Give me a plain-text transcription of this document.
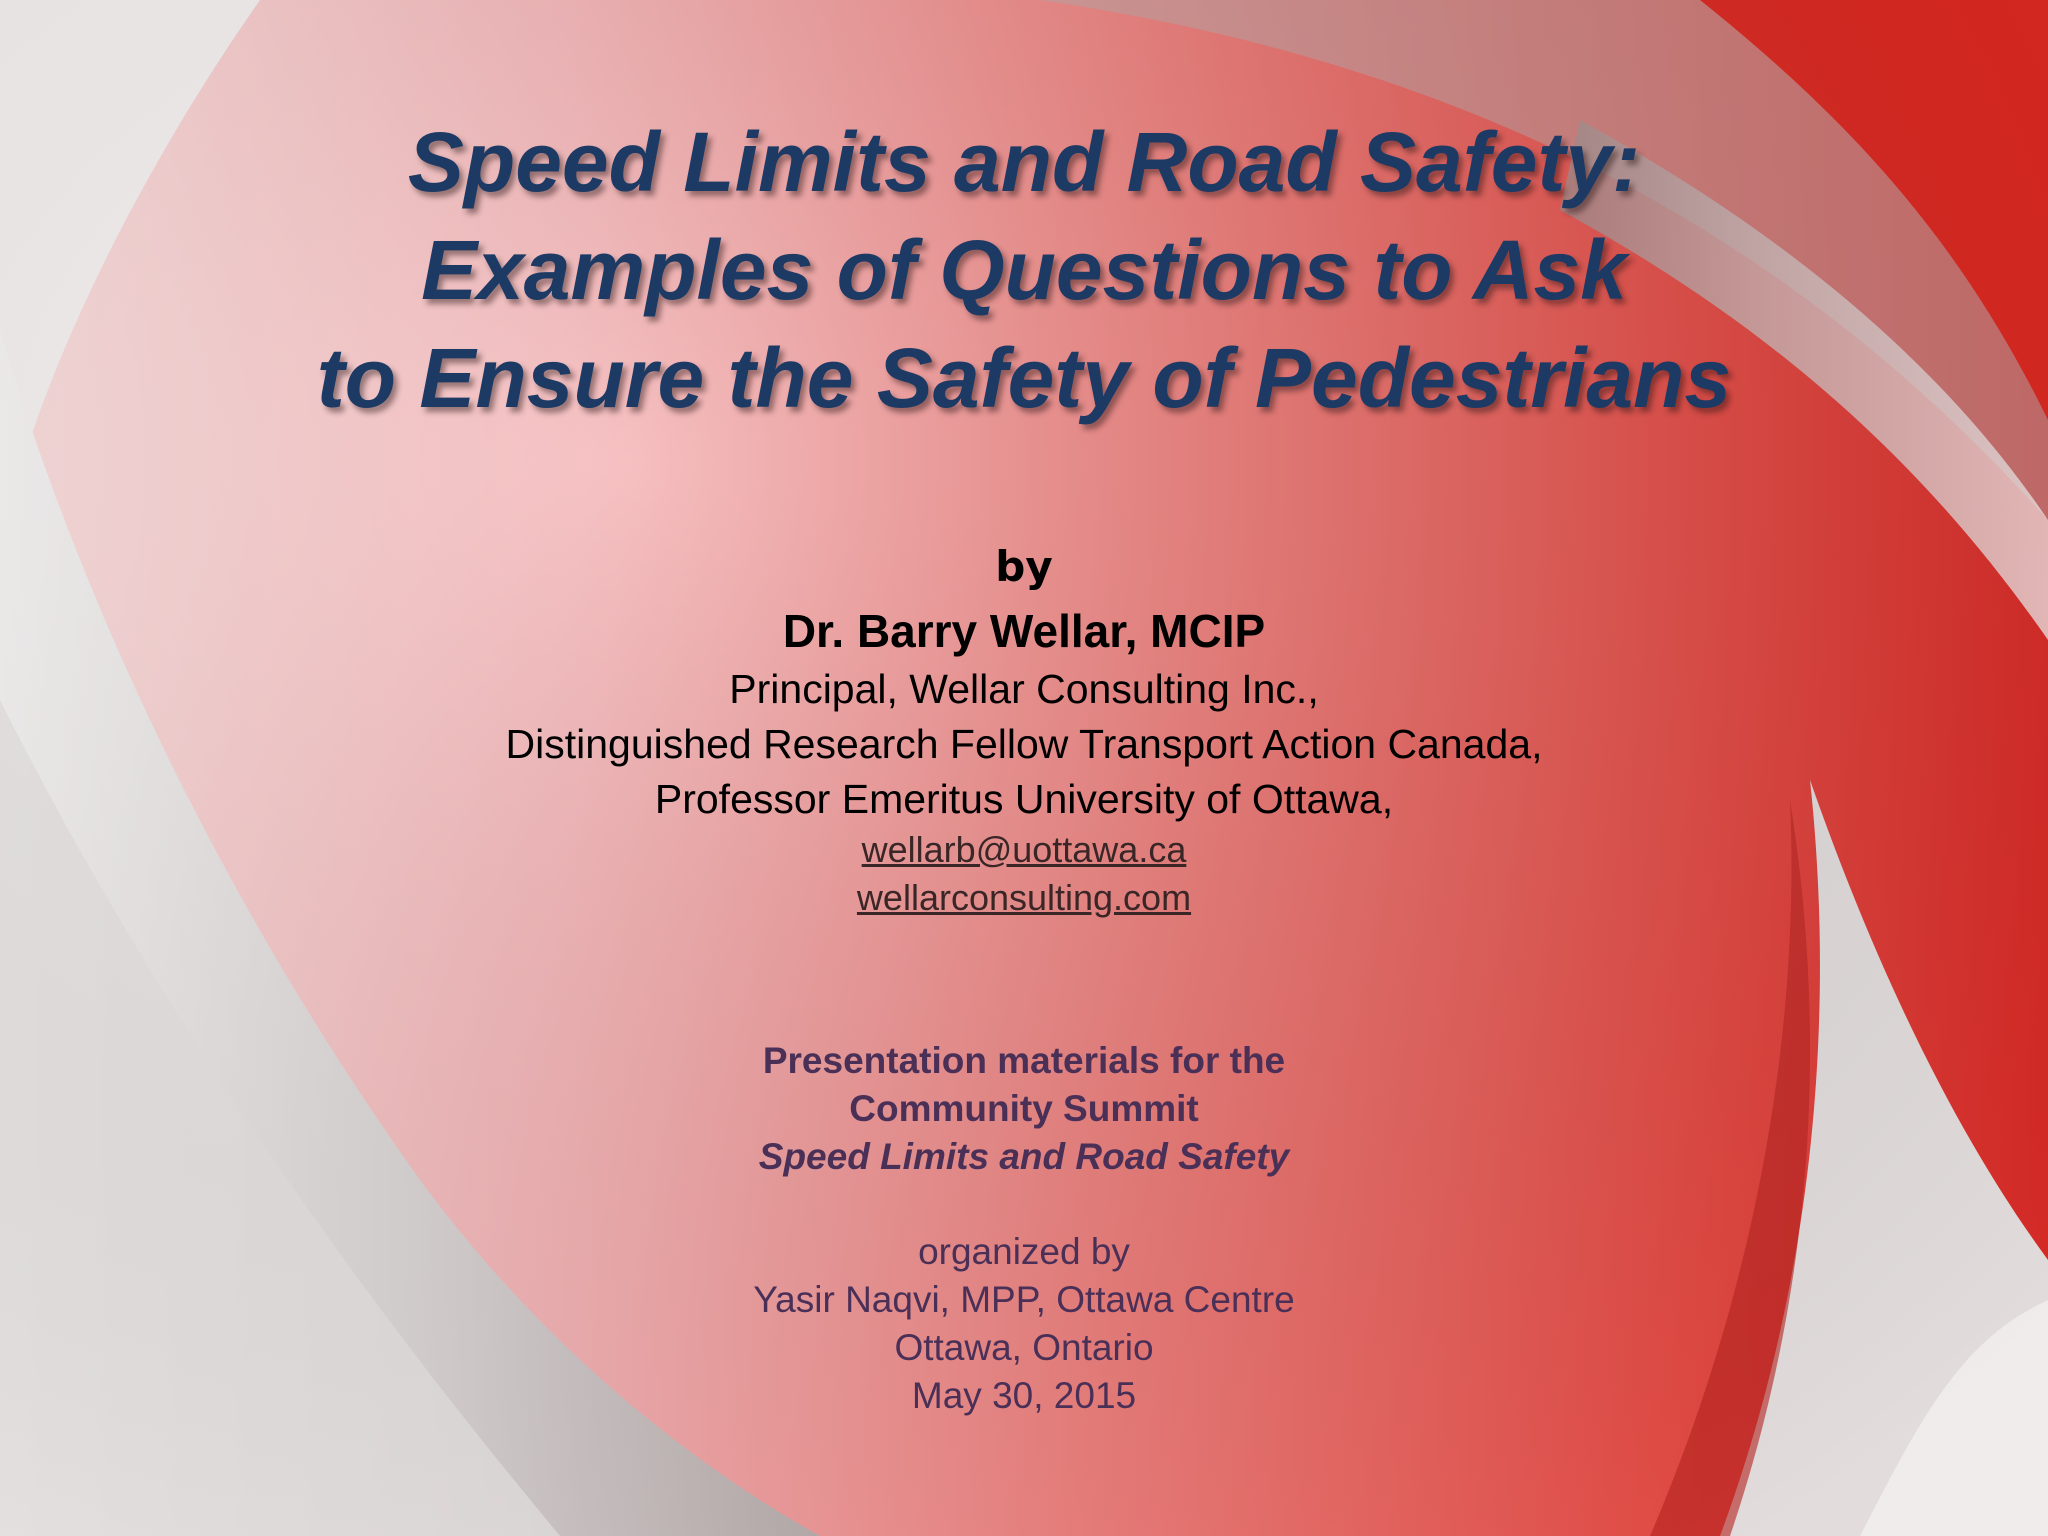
Speed Limits and Road Safety:
Examples of Questions to Ask
to Ensure the Safety of Pedestrians
by
Dr. Barry Wellar, MCIP
Principal, Wellar Consulting Inc.,
Distinguished Research Fellow Transport Action Canada,
Professor Emeritus University of Ottawa,
wellarb@uottawa.ca
wellarconsulting.com
Presentation materials for the
Community Summit
Speed Limits and Road Safety
organized by
Yasir Naqvi, MPP, Ottawa Centre
Ottawa, Ontario
May 30, 2015
